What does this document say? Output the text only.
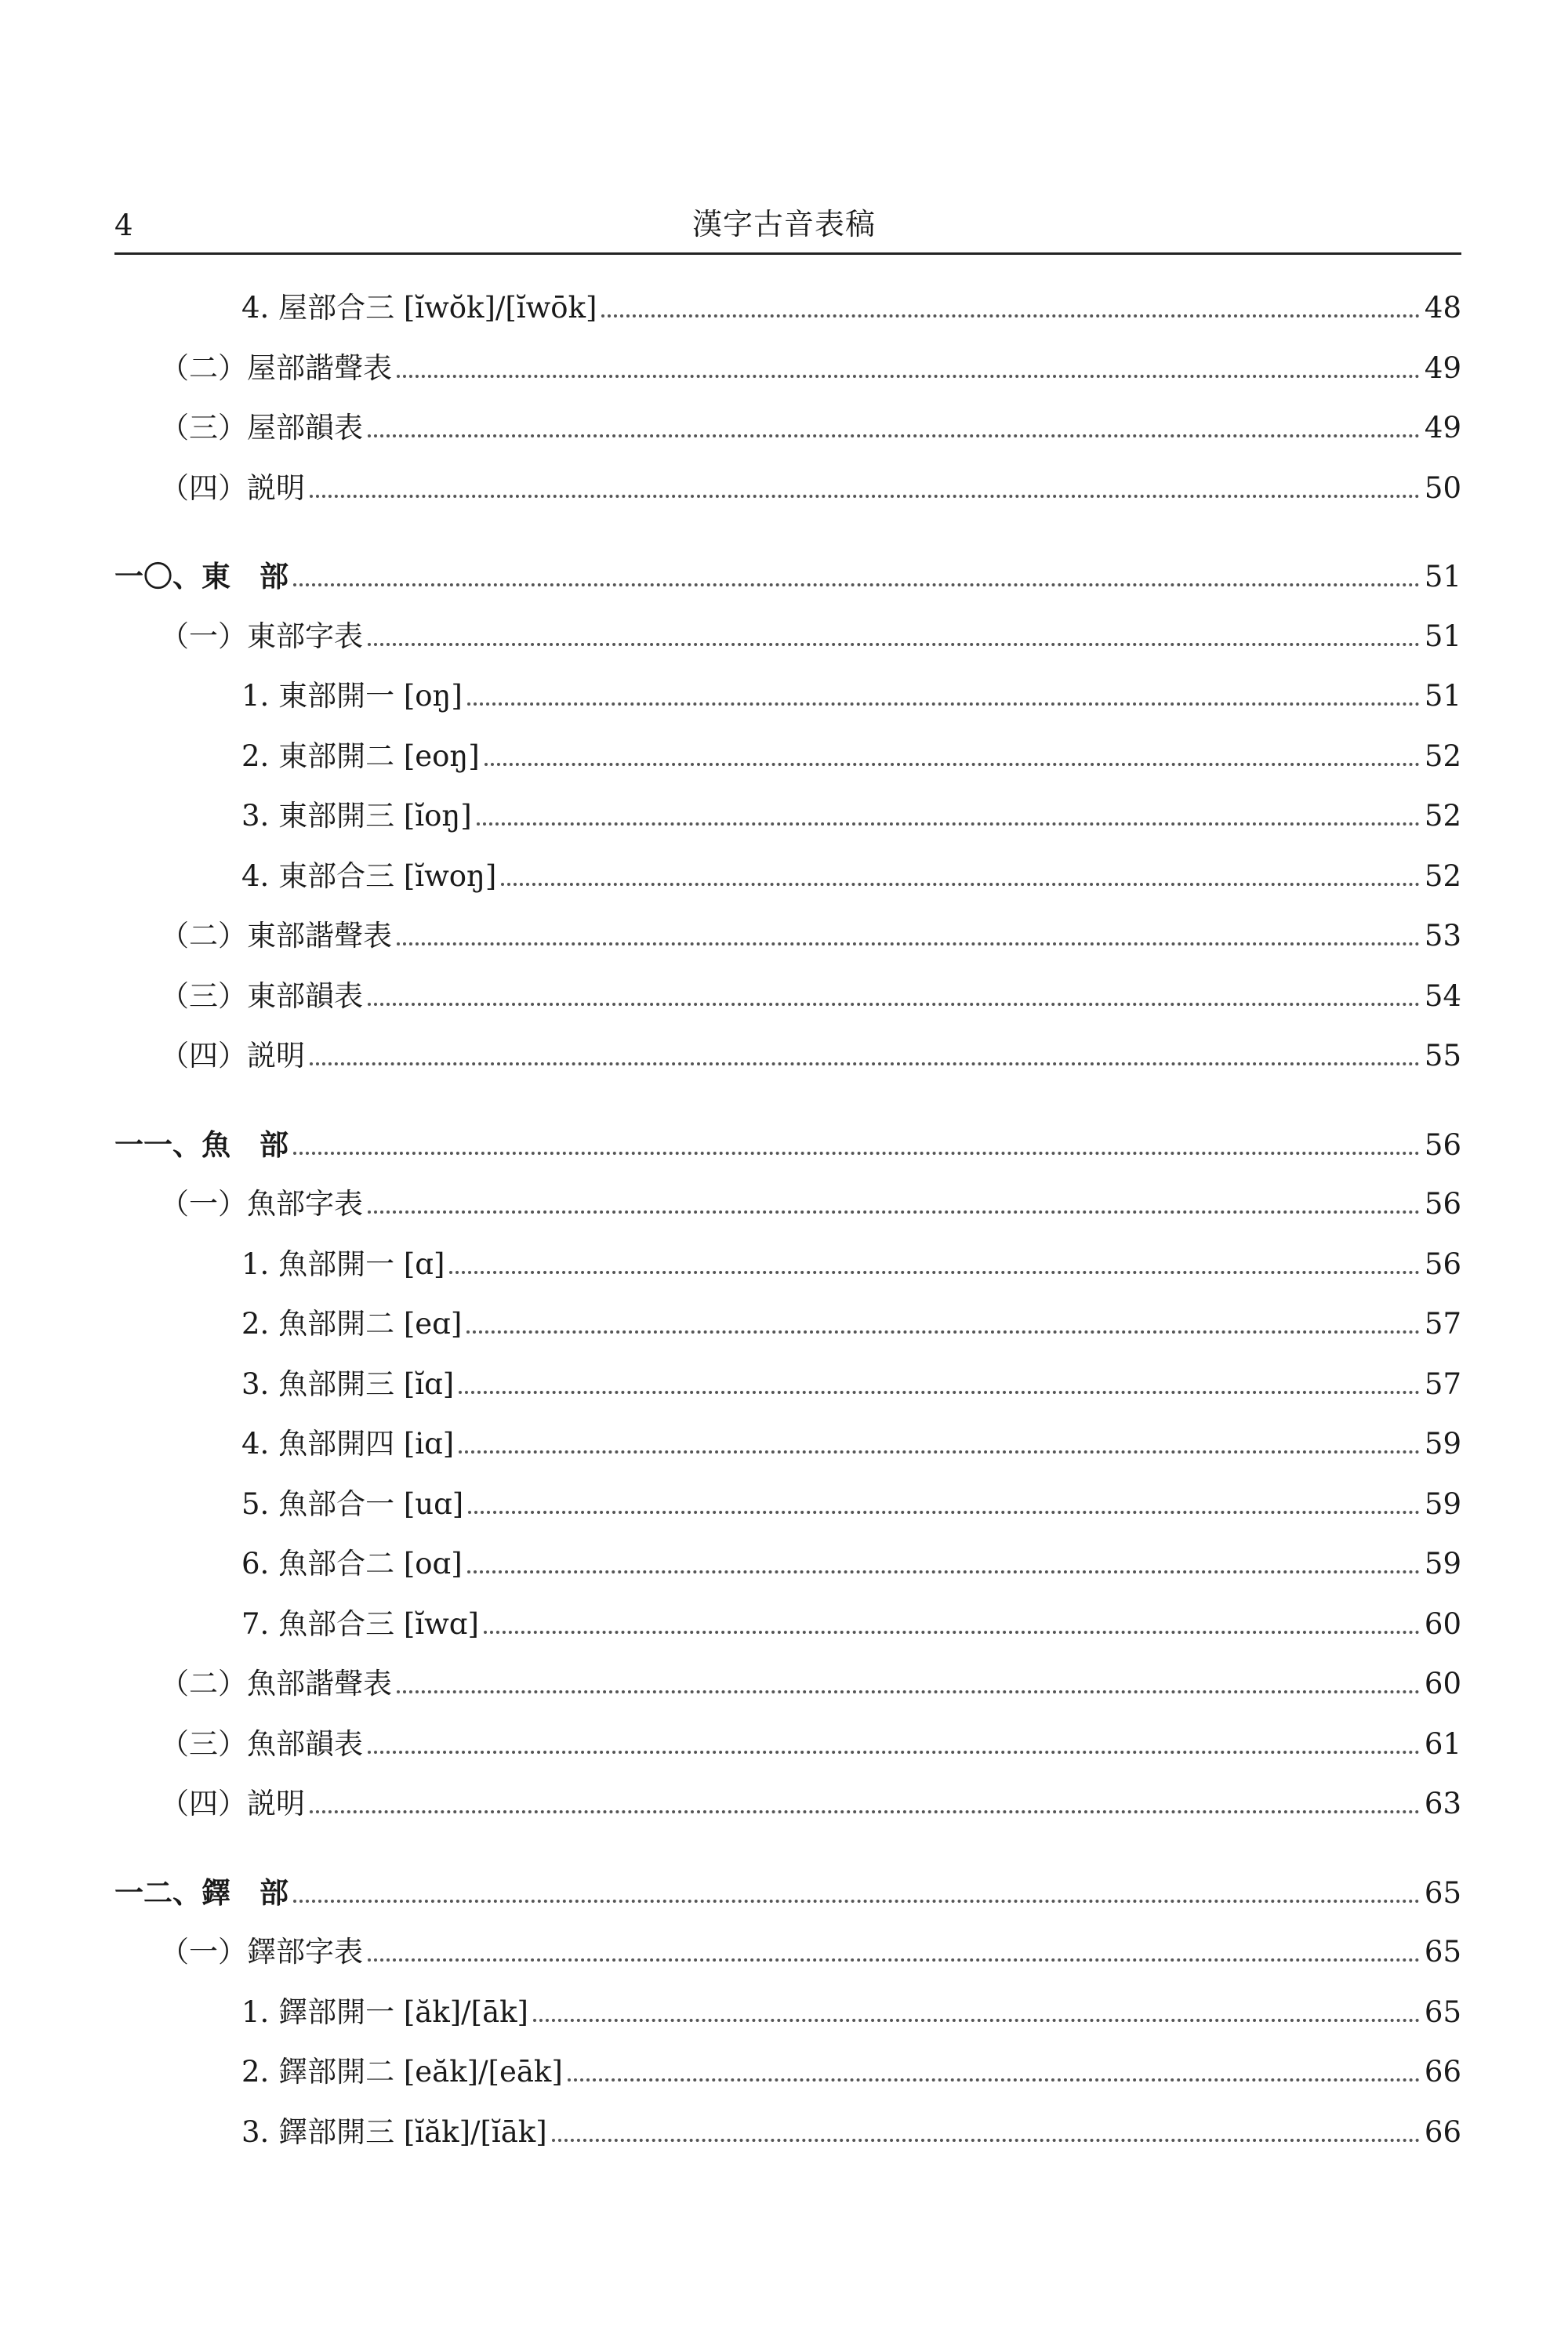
4	漢字古音表稿
4. 屋部合三 [ĭwŏk]/[ĭwōk]	48
（二）屋部諧聲表	49
（三）屋部韻表	49
（四）説明	50
一〇、東　部	51
（一）東部字表	51
1. 東部開一 [oŋ]	51
2. 東部開二 [eoŋ]	52
3. 東部開三 [ĭoŋ]	52
4. 東部合三 [ĭwoŋ]	52
（二）東部諧聲表	53
（三）東部韻表	54
（四）説明	55
一一、魚　部	56
（一）魚部字表	56
1. 魚部開一 [ɑ]	56
2. 魚部開二 [eɑ]	57
3. 魚部開三 [ĭɑ]	57
4. 魚部開四 [iɑ]	59
5. 魚部合一 [uɑ]	59
6. 魚部合二 [oɑ]	59
7. 魚部合三 [ĭwɑ]	60
（二）魚部諧聲表	60
（三）魚部韻表	61
（四）説明	63
一二、鐸　部	65
（一）鐸部字表	65
1. 鐸部開一 [ăk]/[āk]	65
2. 鐸部開二 [eăk]/[eāk]	66
3. 鐸部開三 [ĭăk]/[ĭāk]	66
